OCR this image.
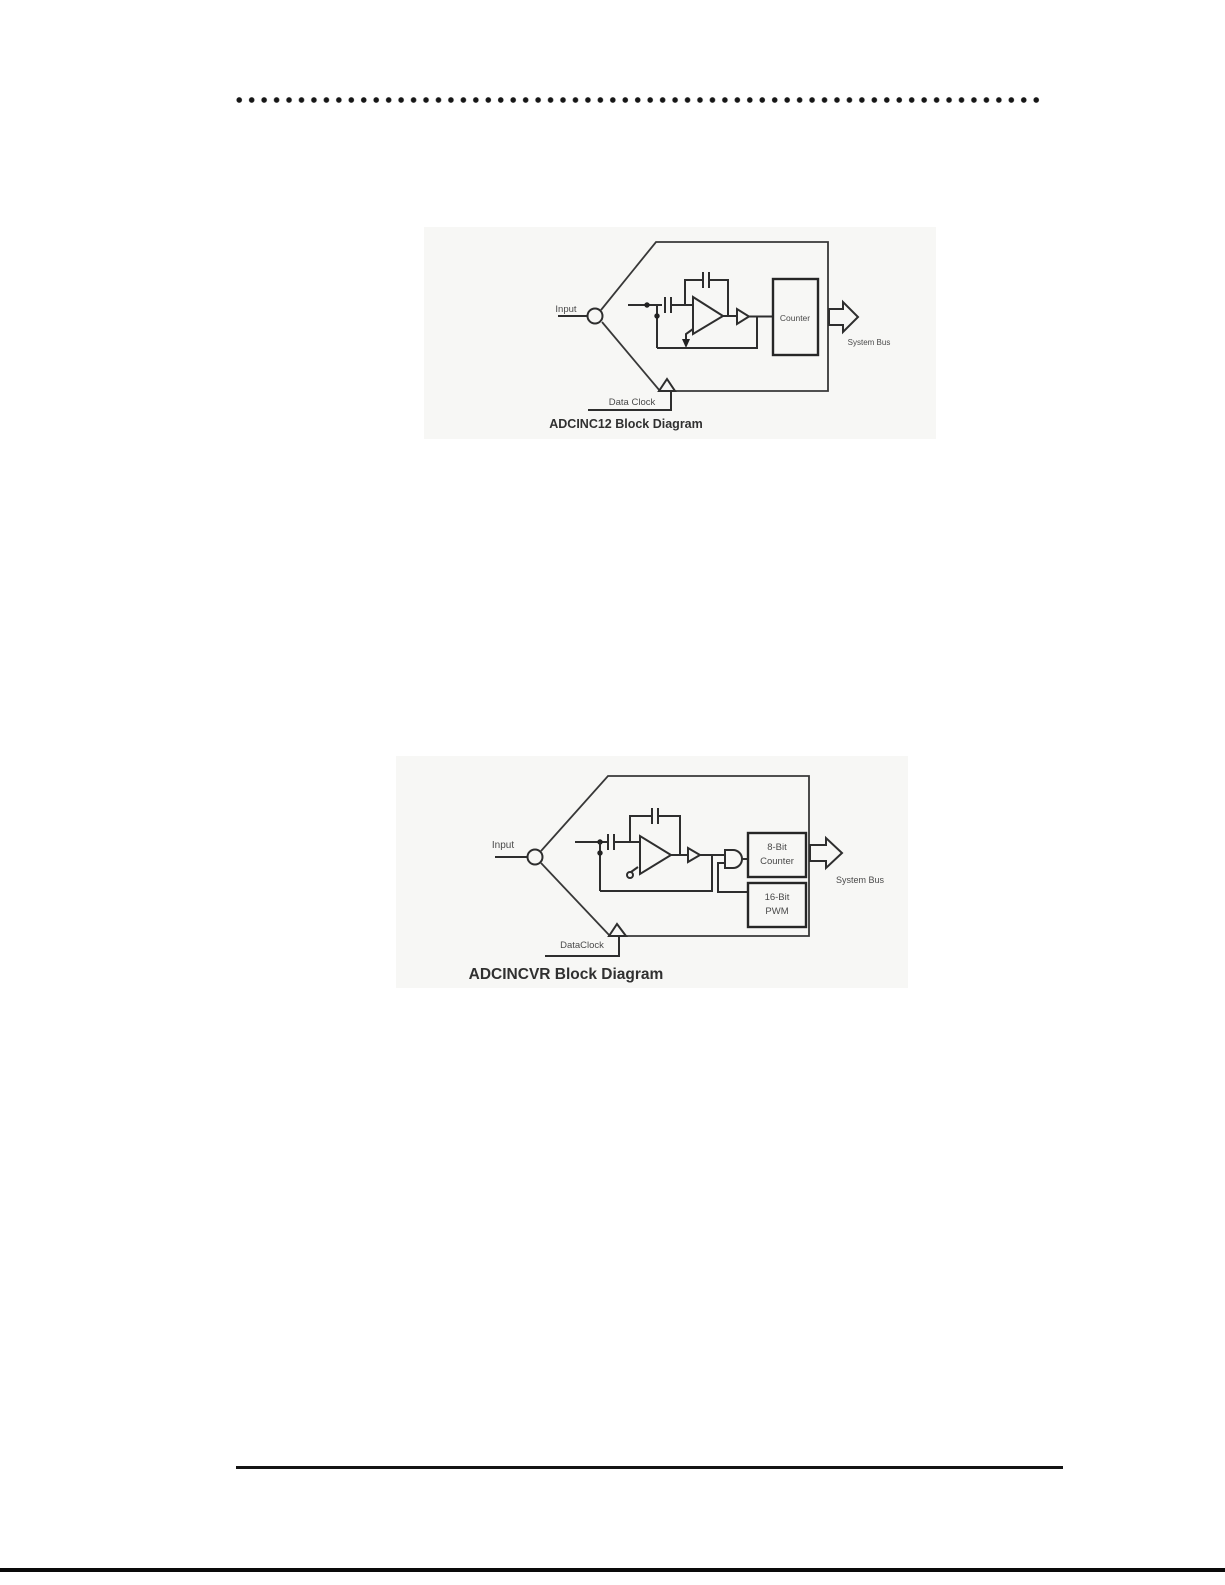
Input
Data Clock
Counter
System Bus
ADCINC12 Block Diagram
Input
DataClock
8-Bit
Counter
16-Bit
PWM
System Bus
ADCINCVR Block Diagram
